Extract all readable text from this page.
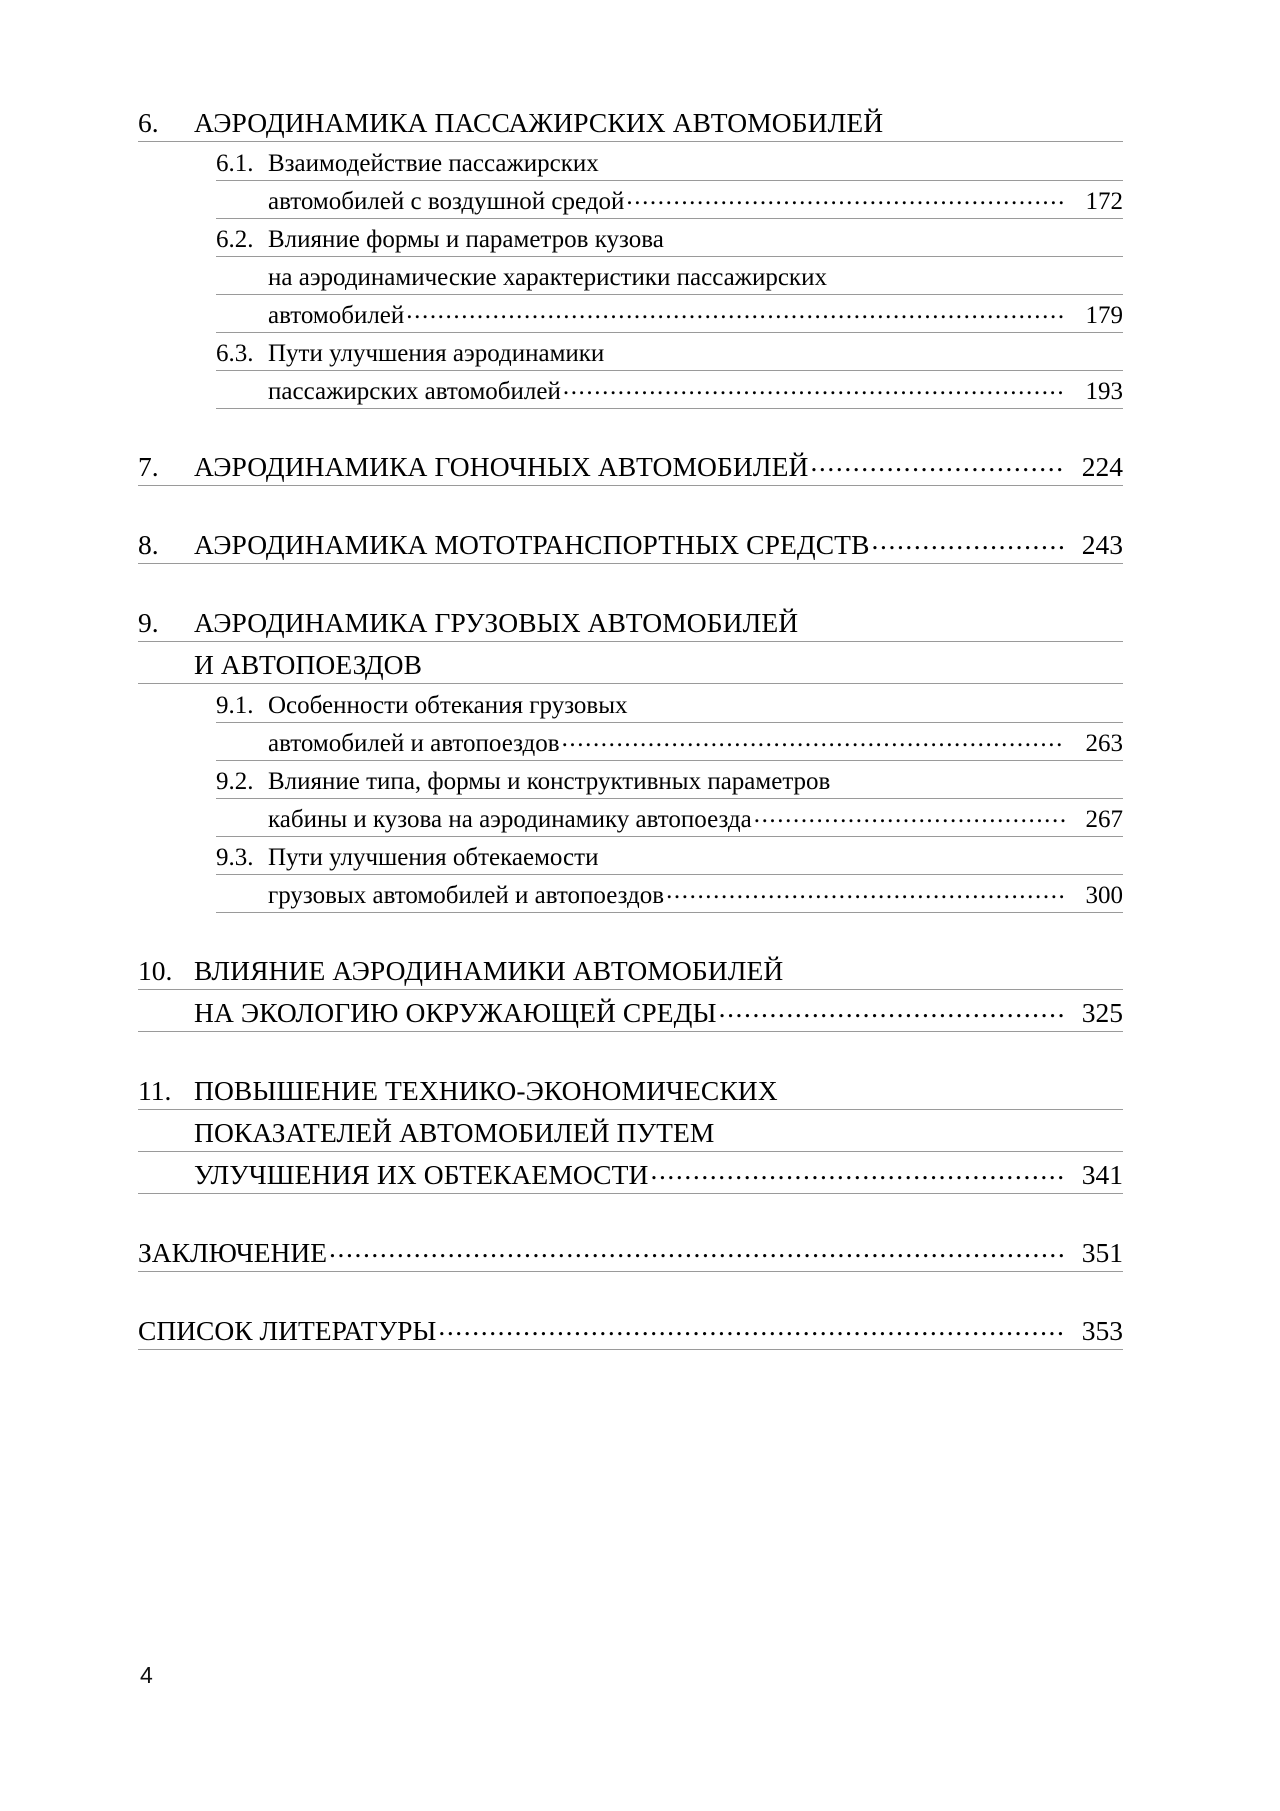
6.	АЭРОДИНАМИКА ПАССАЖИРСКИХ АВТОМОБИЛЕЙ
6.1. Взаимодействие пассажирских
автомобилей с воздушной средой .....	172
6.2. Влияние формы и параметров кузова
на аэродинамические характеристики пассажирских
автомобилей .....	179
6.3. Пути улучшения аэродинамики
пассажирских автомобилей .....	193
7.	АЭРОДИНАМИКА ГОНОЧНЫХ АВТОМОБИЛЕЙ .....	224
8.	АЭРОДИНАМИКА МОТОТРАНСПОРТНЫХ СРЕДСТВ .....	243
9.	АЭРОДИНАМИКА ГРУЗОВЫХ АВТОМОБИЛЕЙ
И АВТОПОЕЗДОВ
9.1. Особенности обтекания грузовых
автомобилей и автопоездов .....	263
9.2. Влияние типа, формы и конструктивных параметров
кабины и кузова на аэродинамику автопоезда .....	267
9.3. Пути улучшения обтекаемости
грузовых автомобилей и автопоездов .....	300
10. ВЛИЯНИЕ АЭРОДИНАМИКИ АВТОМОБИЛЕЙ
НА ЭКОЛОГИЮ ОКРУЖАЮЩЕЙ СРЕДЫ .....	325
11. ПОВЫШЕНИЕ ТЕХНИКО-ЭКОНОМИЧЕСКИХ
ПОКАЗАТЕЛЕЙ АВТОМОБИЛЕЙ ПУТЕМ
УЛУЧШЕНИЯ ИХ ОБТЕКАЕМОСТИ .....	341
ЗАКЛЮЧЕНИЕ .....	351
СПИСОК ЛИТЕРАТУРЫ .....	353
4
